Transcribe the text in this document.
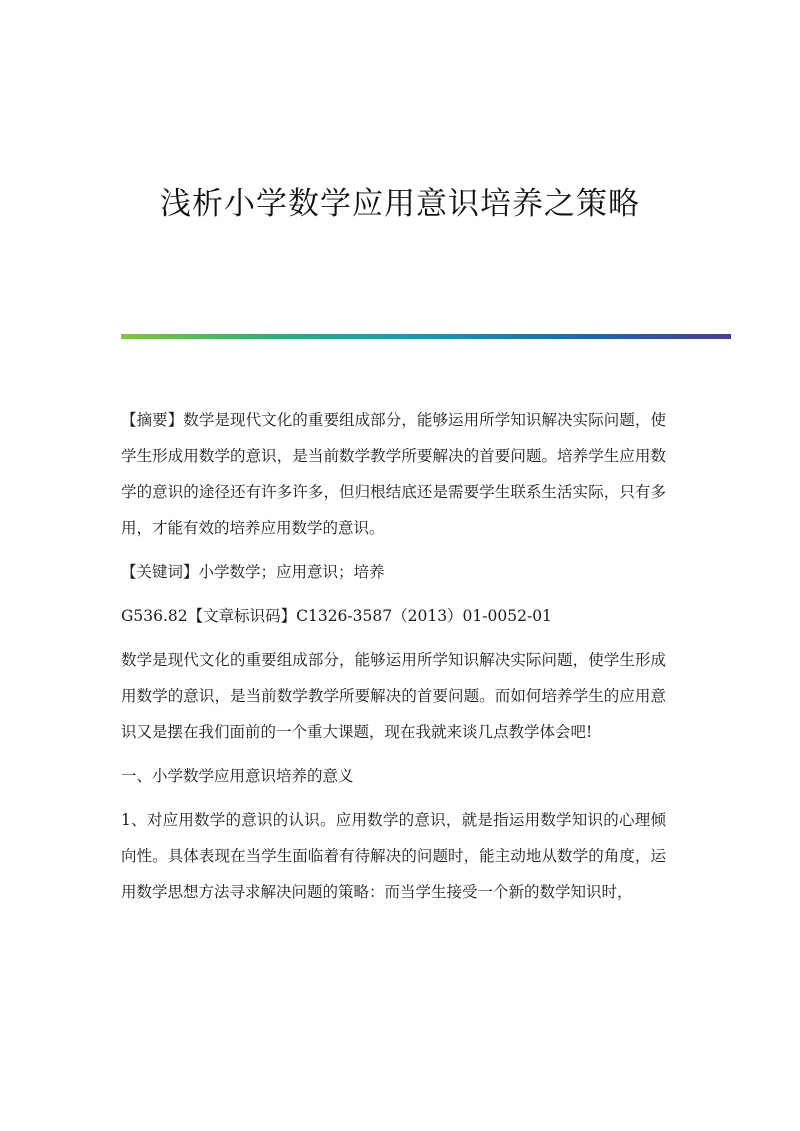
浅析小学数学应用意识培养之策略

【摘要】数学是现代文化的重要组成部分，能够运用所学知识解决实际问题，使学生形成用数学的意识，是当前数学教学所要解决的首要问题。培养学生应用数学的意识的途径还有许多许多，但归根结底还是需要学生联系生活实际，只有多用，才能有效的培养应用数学的意识。

【关键词】小学数学；应用意识；培养

G536.82【文章标识码】C1326-3587（2013）01-0052-01

数学是现代文化的重要组成部分，能够运用所学知识解决实际问题，使学生形成用数学的意识，是当前数学教学所要解决的首要问题。而如何培养学生的应用意识又是摆在我们面前的一个重大课题，现在我就来谈几点教学体会吧!

一、小学数学应用意识培养的意义

1、对应用数学的意识的认识。应用数学的意识，就是指运用数学知识的心理倾向性。具体表现在当学生面临着有待解决的问题时，能主动地从数学的角度，运用数学思想方法寻求解决问题的策略：而当学生接受一个新的数学知识时，
